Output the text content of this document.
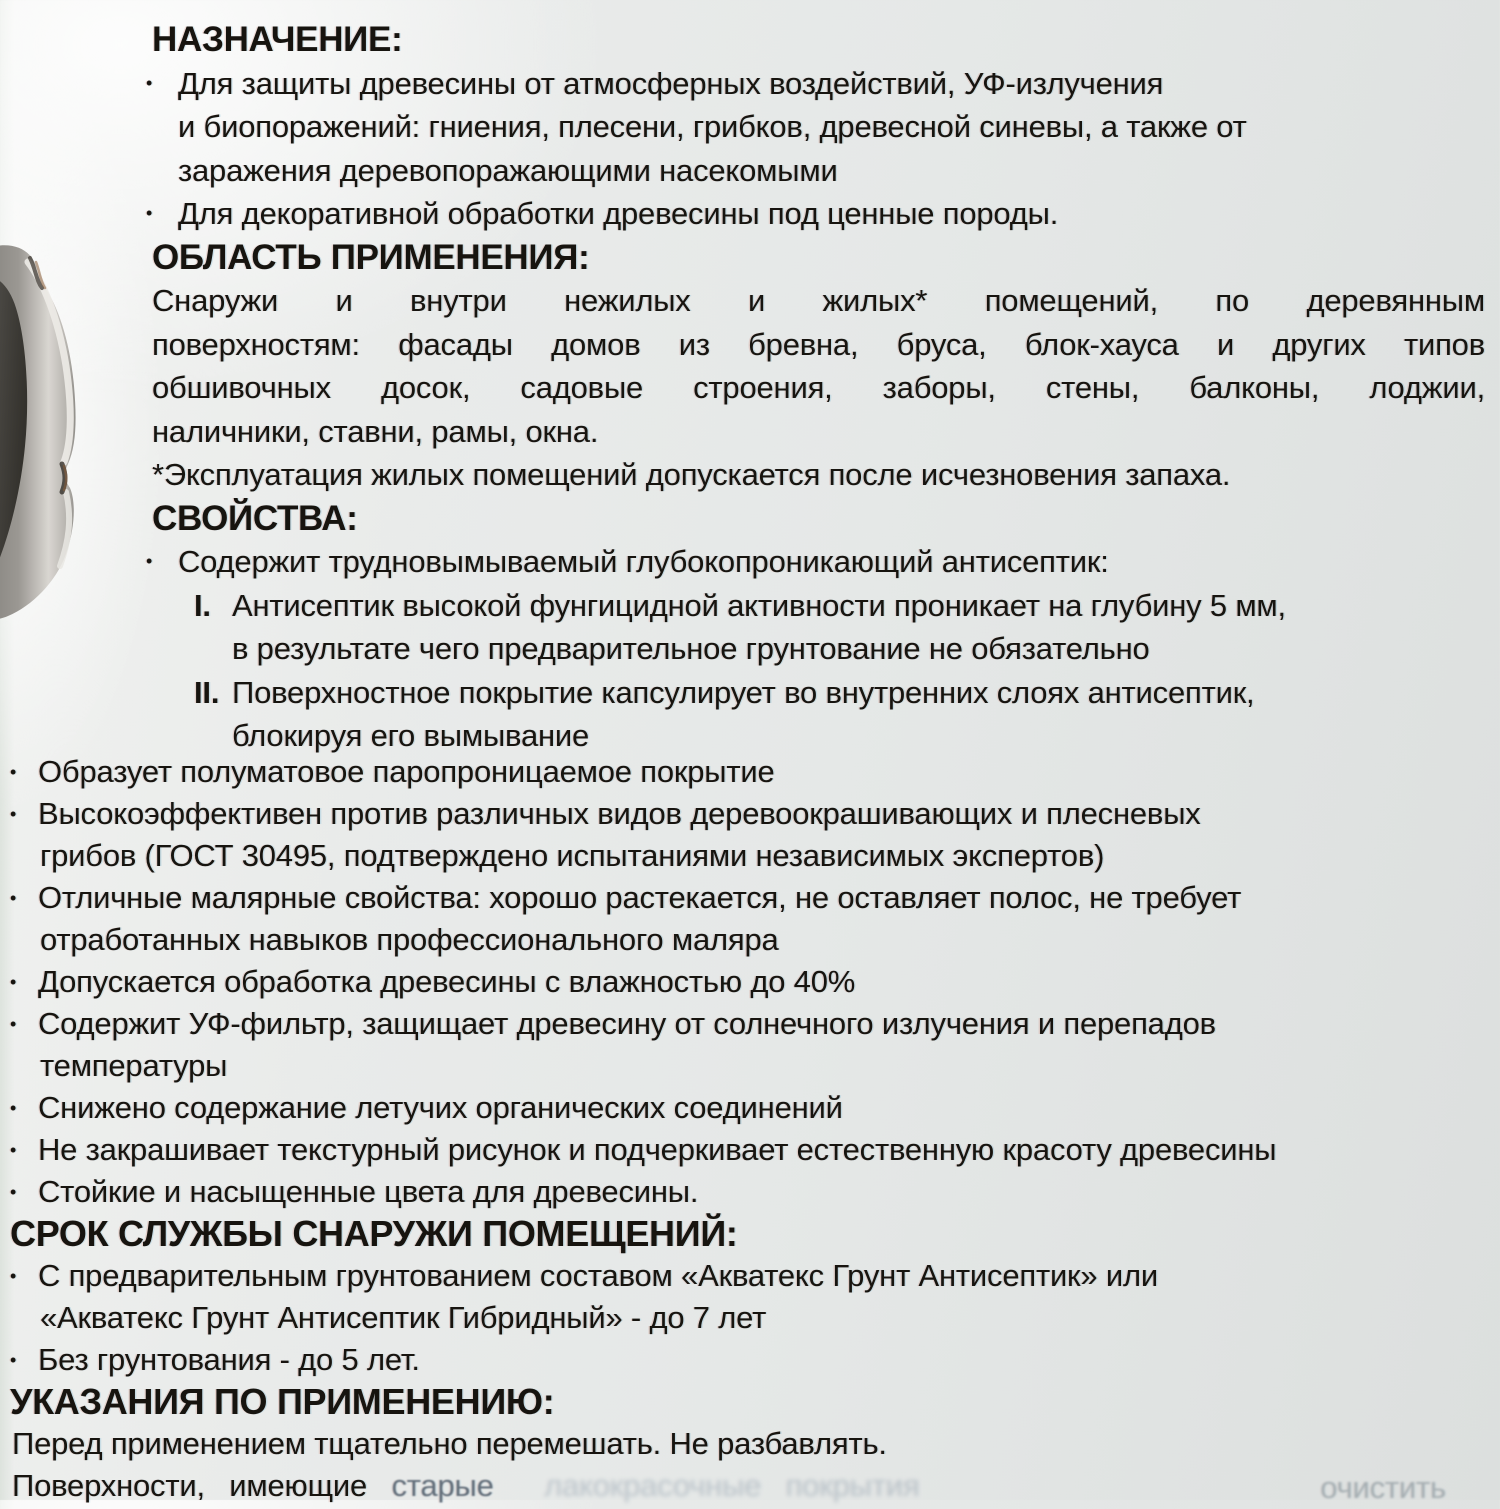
НАЗНАЧЕНИЕ:
• Для защиты древесины от атмосферных воздействий, УФ-излучения
и биопоражений: гниения, плесени, грибков, древесной синевы, а также от
заражения деревопоражающими насекомыми
• Для декоративной обработки древесины под ценные породы.
ОБЛАСТЬ ПРИМЕНЕНИЯ:
Снаружи и внутри нежилых и жилых* помещений, по деревянным
поверхностям: фасады домов из бревна, бруса, блок-хауса и других типов
обшивочных досок, садовые строения, заборы, стены, балконы, лоджии,
наличники, ставни, рамы, окна.
*Эксплуатация жилых помещений допускается после исчезновения запаха.
СВОЙСТВА:
• Содержит трудновымываемый глубокопроникающий антисептик:
I. Антисептик высокой фунгицидной активности проникает на глубину 5 мм,
в результате чего предварительное грунтование не обязательно
II. Поверхностное покрытие капсулирует во внутренних слоях антисептик,
блокируя его вымывание
• Образует полуматовое паропроницаемое покрытие
• Высокоэффективен против различных видов деревоокрашивающих и плесневых
грибов (ГОСТ 30495, подтверждено испытаниями независимых экспертов)
• Отличные малярные свойства: хорошо растекается, не оставляет полос, не требует
отработанных навыков профессионального маляра
• Допускается обработка древесины с влажностью до 40%
• Содержит УФ-фильтр, защищает древесину от солнечного излучения и перепадов
температуры
• Снижено содержание летучих органических соединений
• Не закрашивает текстурный рисунок и подчеркивает естественную красоту древесины
• Стойкие и насыщенные цвета для древесины.
СРОК СЛУЖБЫ СНАРУЖИ ПОМЕЩЕНИЙ:
• С предварительным грунтованием составом «Акватекс Грунт Антисептик» или
«Акватекс Грунт Антисептик Гибридный» - до 7 лет
• Без грунтования - до 5 лет.
УКАЗАНИЯ ПО ПРИМЕНЕНИЮ:
Перед применением тщательно перемешать. Не разбавлять.
Поверхности, имеющие старые лакокрасочные покрытия	очистить
